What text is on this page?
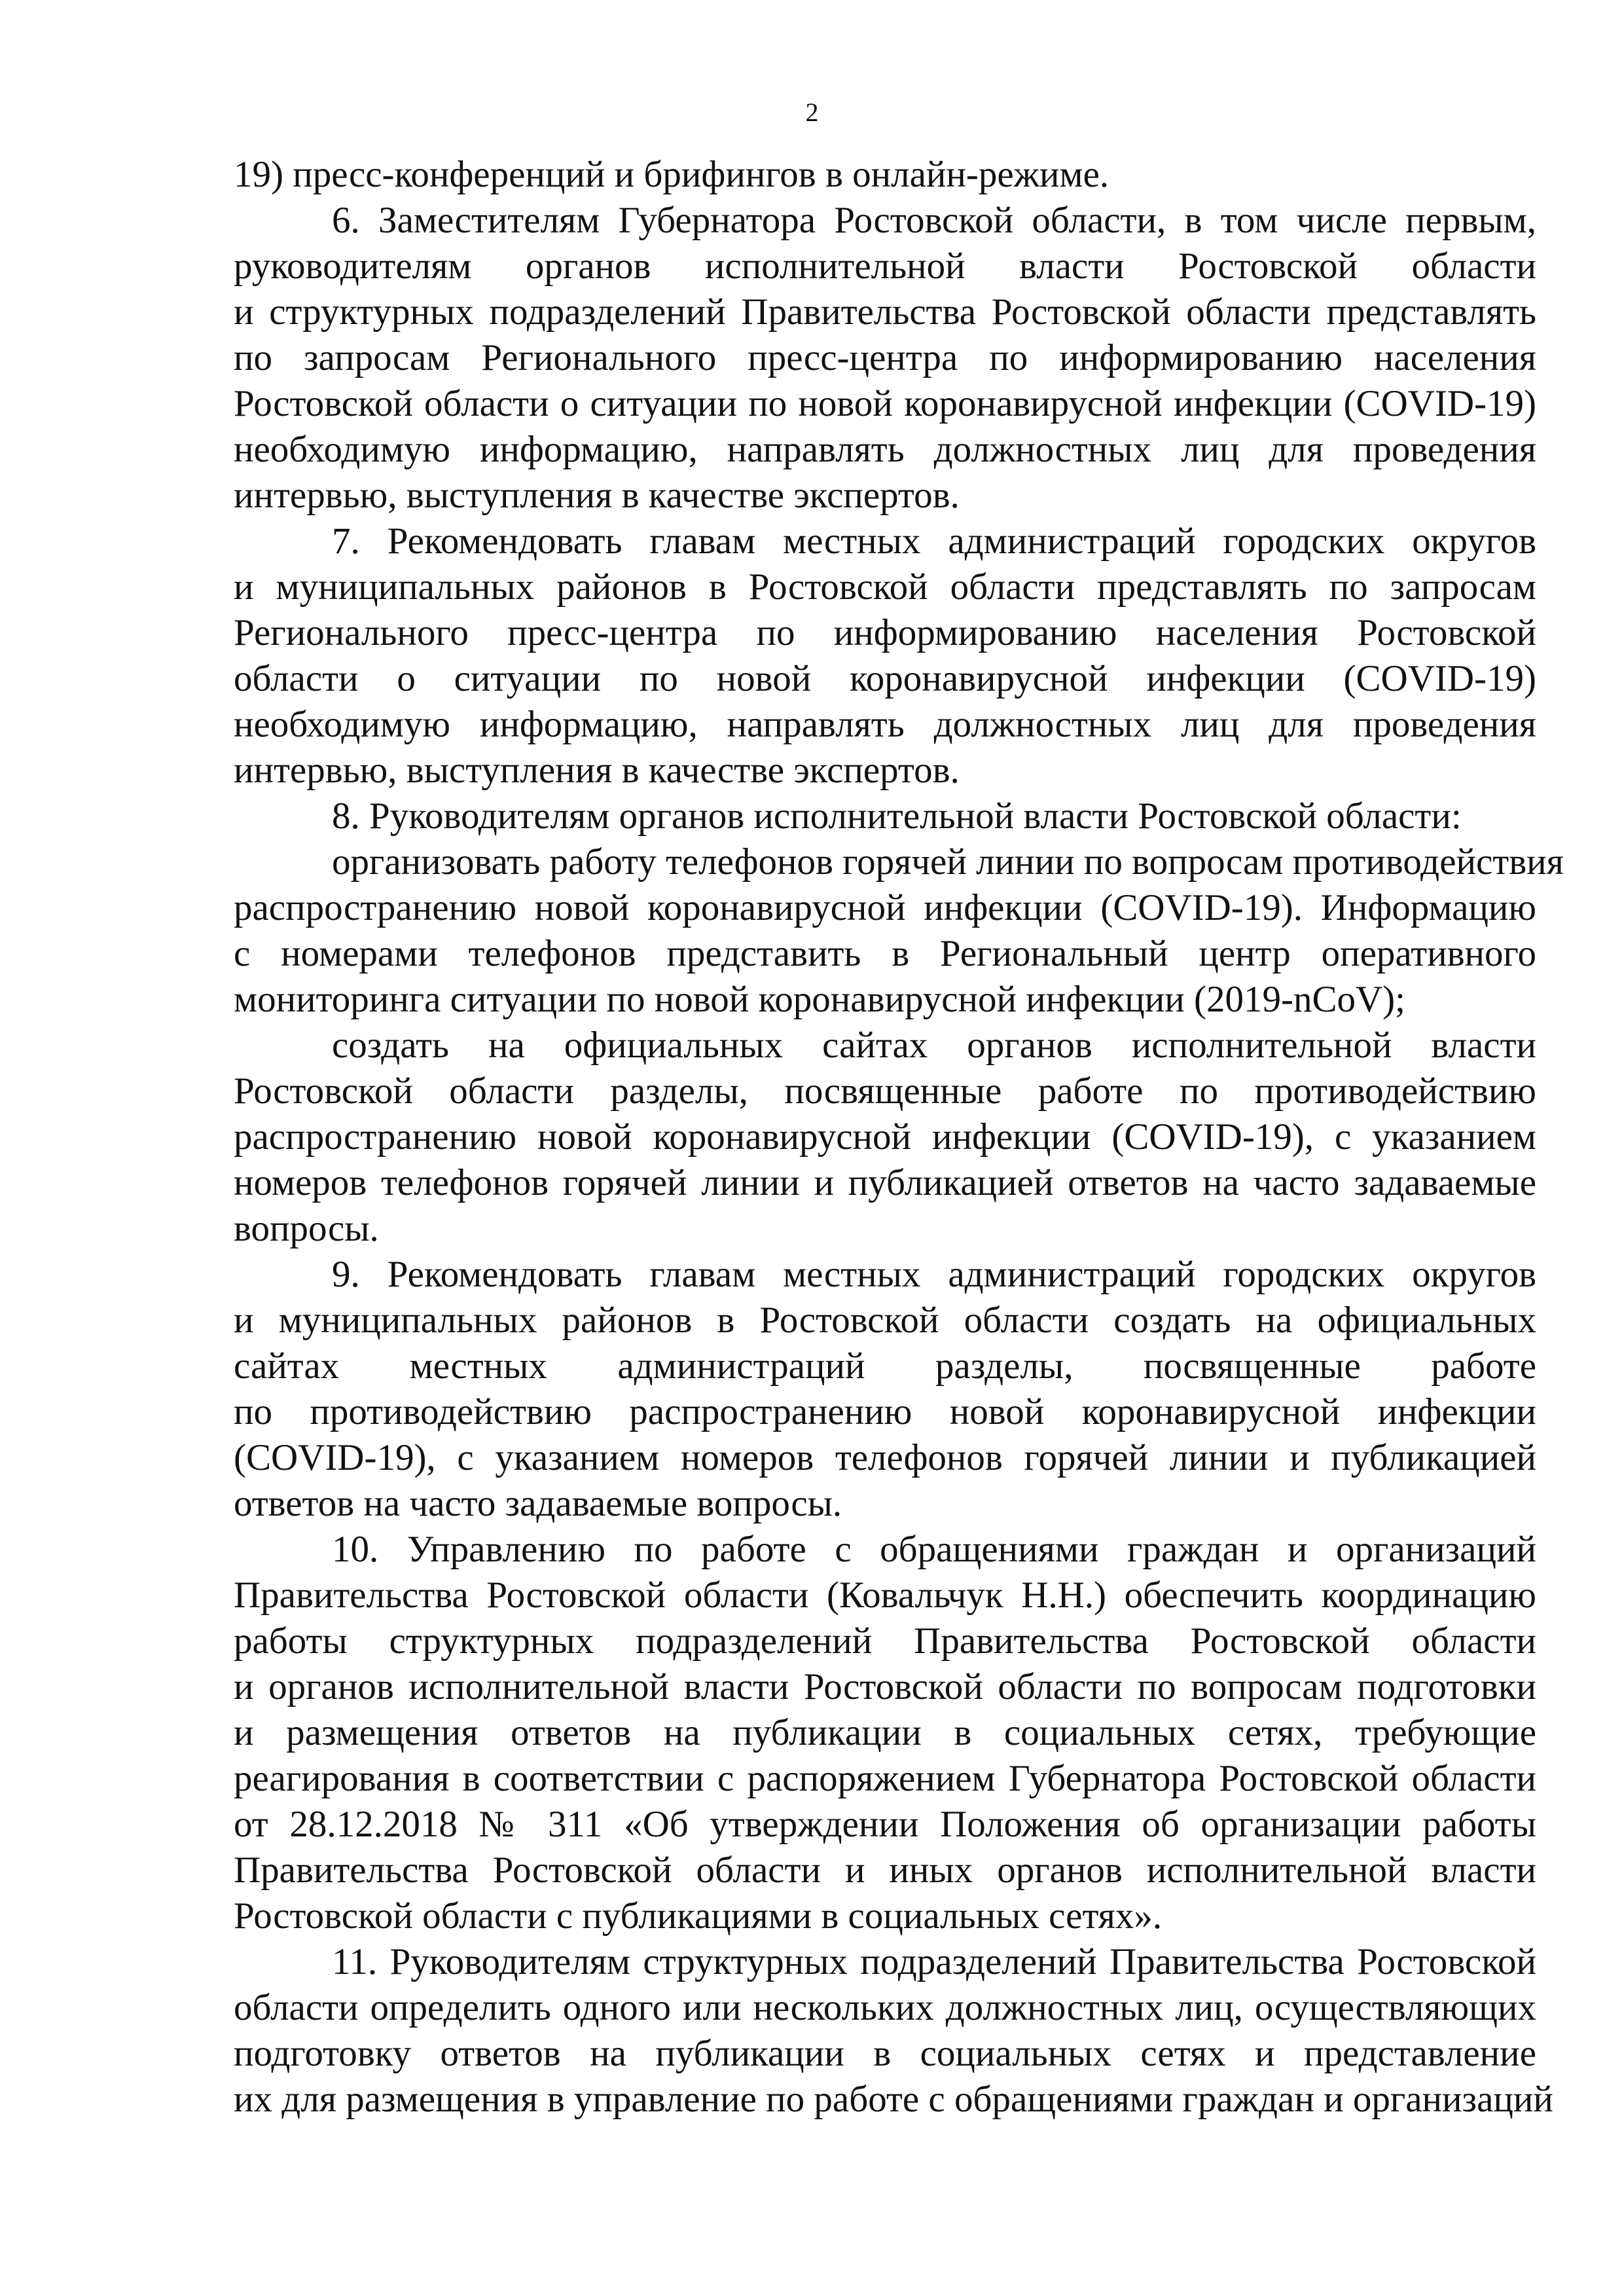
2
19) пресс-конференций и брифингов в онлайн-режиме.
6. Заместителям Губернатора Ростовской области, в том числе первым,
руководителям органов исполнительной власти Ростовской области
и структурных подразделений Правительства Ростовской области представлять
по запросам Регионального пресс-центра по информированию населения
Ростовской области о ситуации по новой коронавирусной инфекции (COVID-19)
необходимую информацию, направлять должностных лиц для проведения
интервью, выступления в качестве экспертов.
7. Рекомендовать главам местных администраций городских округов
и муниципальных районов в Ростовской области представлять по запросам
Регионального пресс-центра по информированию населения Ростовской
области о ситуации по новой коронавирусной инфекции (COVID-19)
необходимую информацию, направлять должностных лиц для проведения
интервью, выступления в качестве экспертов.
8. Руководителям органов исполнительной власти Ростовской области:
организовать работу телефонов горячей линии по вопросам противодействия
распространению новой коронавирусной инфекции (COVID-19). Информацию
с номерами телефонов представить в Региональный центр оперативного
мониторинга ситуации по новой коронавирусной инфекции (2019-nCoV);
создать на официальных сайтах органов исполнительной власти
Ростовской области разделы, посвященные работе по противодействию
распространению новой коронавирусной инфекции (COVID-19), с указанием
номеров телефонов горячей линии и публикацией ответов на часто задаваемые
вопросы.
9. Рекомендовать главам местных администраций городских округов
и муниципальных районов в Ростовской области создать на официальных
сайтах местных администраций разделы, посвященные работе
по противодействию распространению новой коронавирусной инфекции
(COVID-19), с указанием номеров телефонов горячей линии и публикацией
ответов на часто задаваемые вопросы.
10. Управлению по работе с обращениями граждан и организаций
Правительства Ростовской области (Ковальчук Н.Н.) обеспечить координацию
работы структурных подразделений Правительства Ростовской области
и органов исполнительной власти Ростовской области по вопросам подготовки
и размещения ответов на публикации в социальных сетях, требующие
реагирования в соответствии с распоряжением Губернатора Ростовской области
от 28.12.2018 № 311 «Об утверждении Положения об организации работы
Правительства Ростовской области и иных органов исполнительной власти
Ростовской области с публикациями в социальных сетях».
11. Руководителям структурных подразделений Правительства Ростовской
области определить одного или нескольких должностных лиц, осуществляющих
подготовку ответов на публикации в социальных сетях и представление
их для размещения в управление по работе с обращениями граждан и организаций
